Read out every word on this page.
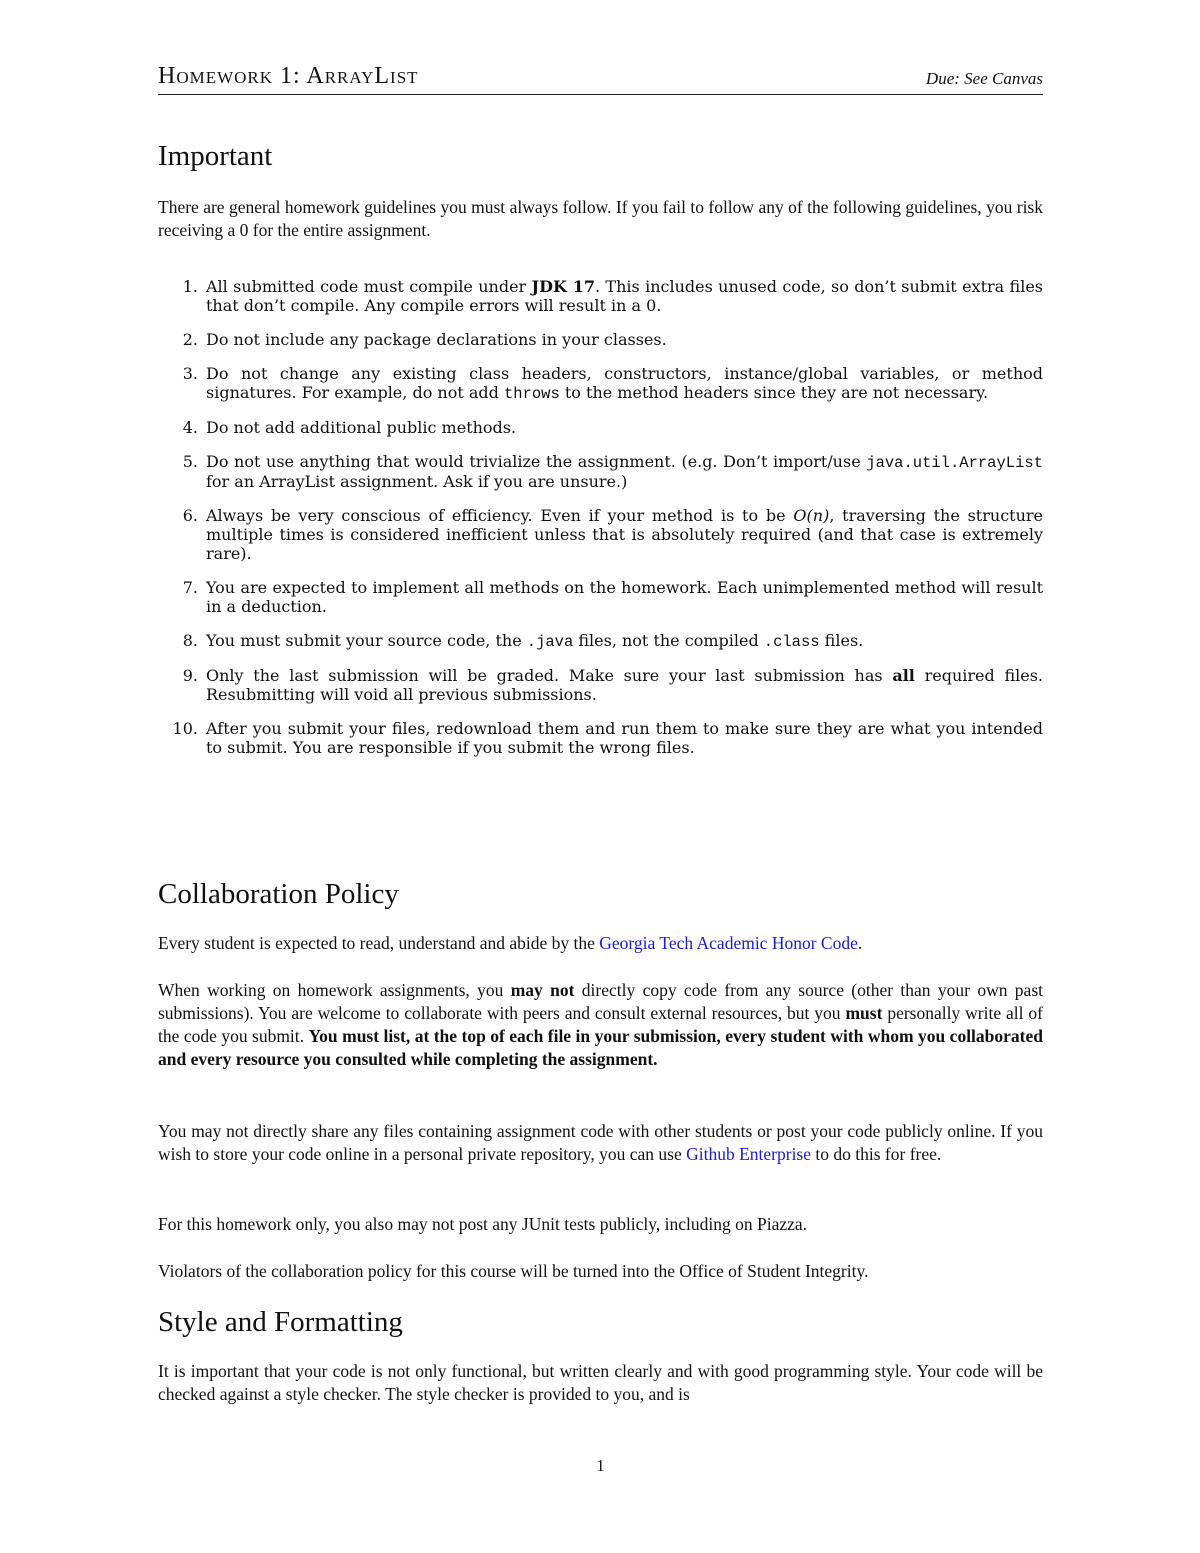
Homework 1: ArrayList	Due: See Canvas
Important

There are general homework guidelines you must always follow. If you fail to follow any of the following guidelines, you risk receiving a 0 for the entire assignment.

1. All submitted code must compile under JDK 17. This includes unused code, so don’t submit extra files that don’t compile. Any compile errors will result in a 0.
2. Do not include any package declarations in your classes.
3. Do not change any existing class headers, constructors, instance/global variables, or method signatures. For example, do not add throws to the method headers since they are not necessary.
4. Do not add additional public methods.
5. Do not use anything that would trivialize the assignment. (e.g. Don’t import/use java.util.ArrayList for an ArrayList assignment. Ask if you are unsure.)
6. Always be very conscious of efficiency. Even if your method is to be O(n), traversing the structure multiple times is considered inefficient unless that is absolutely required (and that case is extremely rare).
7. You are expected to implement all methods on the homework. Each unimplemented method will result in a deduction.
8. You must submit your source code, the .java files, not the compiled .class files.
9. Only the last submission will be graded. Make sure your last submission has all required files. Resubmitting will void all previous submissions.
10. After you submit your files, redownload them and run them to make sure they are what you intended to submit. You are responsible if you submit the wrong files.
Collaboration Policy

Every student is expected to read, understand and abide by the Georgia Tech Academic Honor Code.

When working on homework assignments, you may not directly copy code from any source (other than your own past submissions). You are welcome to collaborate with peers and consult external resources, but you must personally write all of the code you submit. You must list, at the top of each file in your submission, every student with whom you collaborated and every resource you consulted while completing the assignment.

You may not directly share any files containing assignment code with other students or post your code publicly online. If you wish to store your code online in a personal private repository, you can use Github Enterprise to do this for free.

For this homework only, you also may not post any JUnit tests publicly, including on Piazza.

Violators of the collaboration policy for this course will be turned into the Office of Student Integrity.

Style and Formatting

It is important that your code is not only functional, but written clearly and with good programming style. Your code will be checked against a style checker. The style checker is provided to you, and is

1
